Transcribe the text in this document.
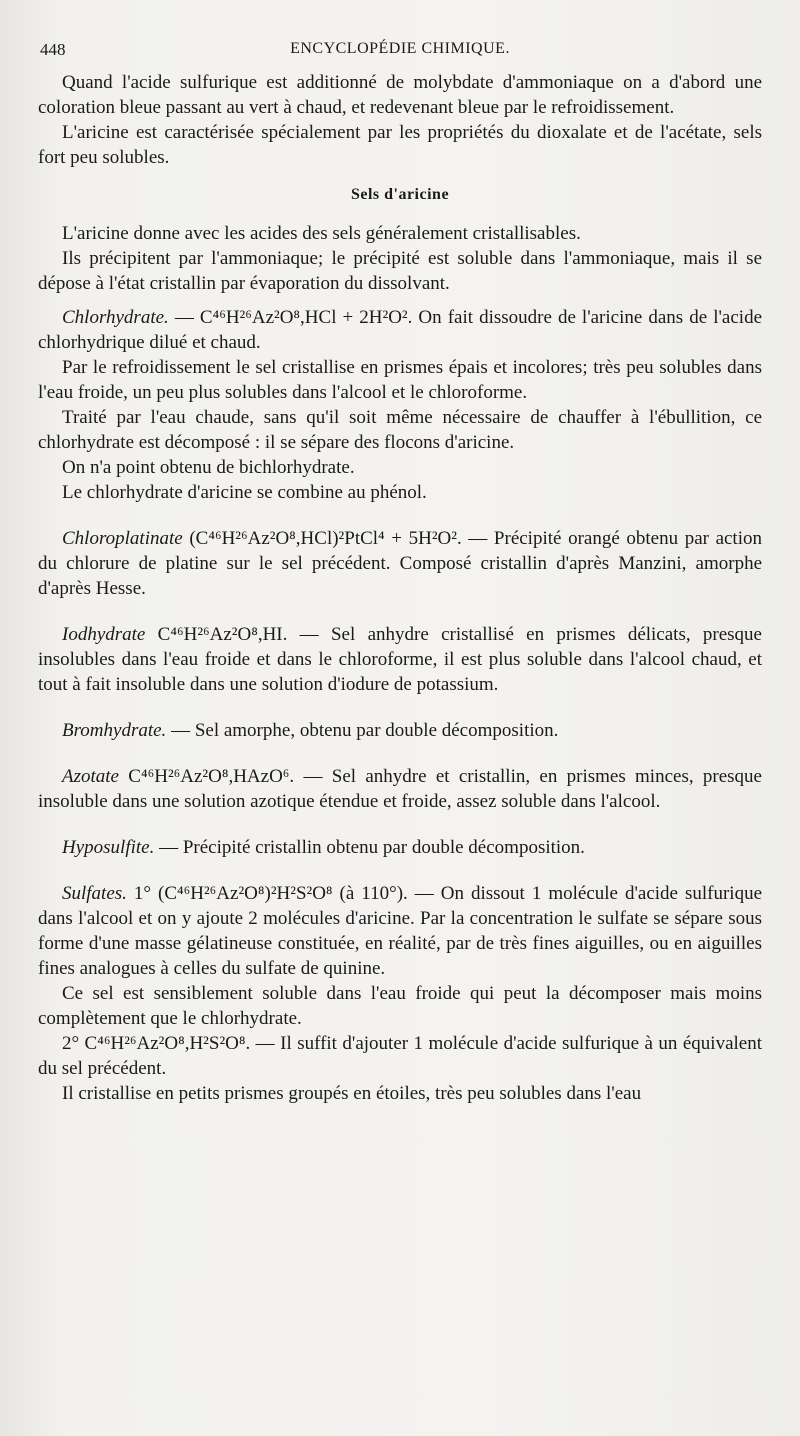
448	ENCYCLOPÉDIE CHIMIQUE.

Quand l'acide sulfurique est additionné de molybdate d'ammoniaque on a d'abord une coloration bleue passant au vert à chaud, et redevenant bleue par le refroidissement.

L'aricine est caractérisée spécialement par les propriétés du dioxalate et de l'acétate, sels fort peu solubles.

Sels d'aricine

L'aricine donne avec les acides des sels généralement cristallisables.

Ils précipitent par l'ammoniaque; le précipité est soluble dans l'ammoniaque, mais il se dépose à l'état cristallin par évaporation du dissolvant.

Chlorhydrate. — C⁴⁶H²⁶Az²O⁸,HCl + 2H²O². On fait dissoudre de l'aricine dans de l'acide chlorhydrique dilué et chaud.

Par le refroidissement le sel cristallise en prismes épais et incolores; très peu solubles dans l'eau froide, un peu plus solubles dans l'alcool et le chloroforme.

Traité par l'eau chaude, sans qu'il soit même nécessaire de chauffer à l'ébullition, ce chlorhydrate est décomposé : il se sépare des flocons d'aricine.

On n'a point obtenu de bichlorhydrate.

Le chlorhydrate d'aricine se combine au phénol.

Chloroplatinate (C⁴⁶H²⁶Az²O⁸,HCl)²PtCl⁴ + 5H²O². — Précipité orangé obtenu par action du chlorure de platine sur le sel précédent. Composé cristallin d'après Manzini, amorphe d'après Hesse.

Iodhydrate C⁴⁶H²⁶Az²O⁸,HI. — Sel anhydre cristallisé en prismes délicats, presque insolubles dans l'eau froide et dans le chloroforme, il est plus soluble dans l'alcool chaud, et tout à fait insoluble dans une solution d'iodure de potassium.

Bromhydrate. — Sel amorphe, obtenu par double décomposition.

Azotate C⁴⁶H²⁶Az²O⁸,HAzO⁶. — Sel anhydre et cristallin, en prismes minces, presque insoluble dans une solution azotique étendue et froide, assez soluble dans l'alcool.

Hyposulfite. — Précipité cristallin obtenu par double décomposition.

Sulfates. 1° (C⁴⁶H²⁶Az²O⁸)²H²S²O⁸ (à 110°). — On dissout 1 molécule d'acide sulfurique dans l'alcool et on y ajoute 2 molécules d'aricine. Par la concentration le sulfate se sépare sous forme d'une masse gélatineuse constituée, en réalité, par de très fines aiguilles, ou en aiguilles fines analogues à celles du sulfate de quinine.

Ce sel est sensiblement soluble dans l'eau froide qui peut la décomposer mais moins complètement que le chlorhydrate.

2° C⁴⁶H²⁶Az²O⁸,H²S²O⁸. — Il suffit d'ajouter 1 molécule d'acide sulfurique à un équivalent du sel précédent.

Il cristallise en petits prismes groupés en étoiles, très peu solubles dans l'eau
